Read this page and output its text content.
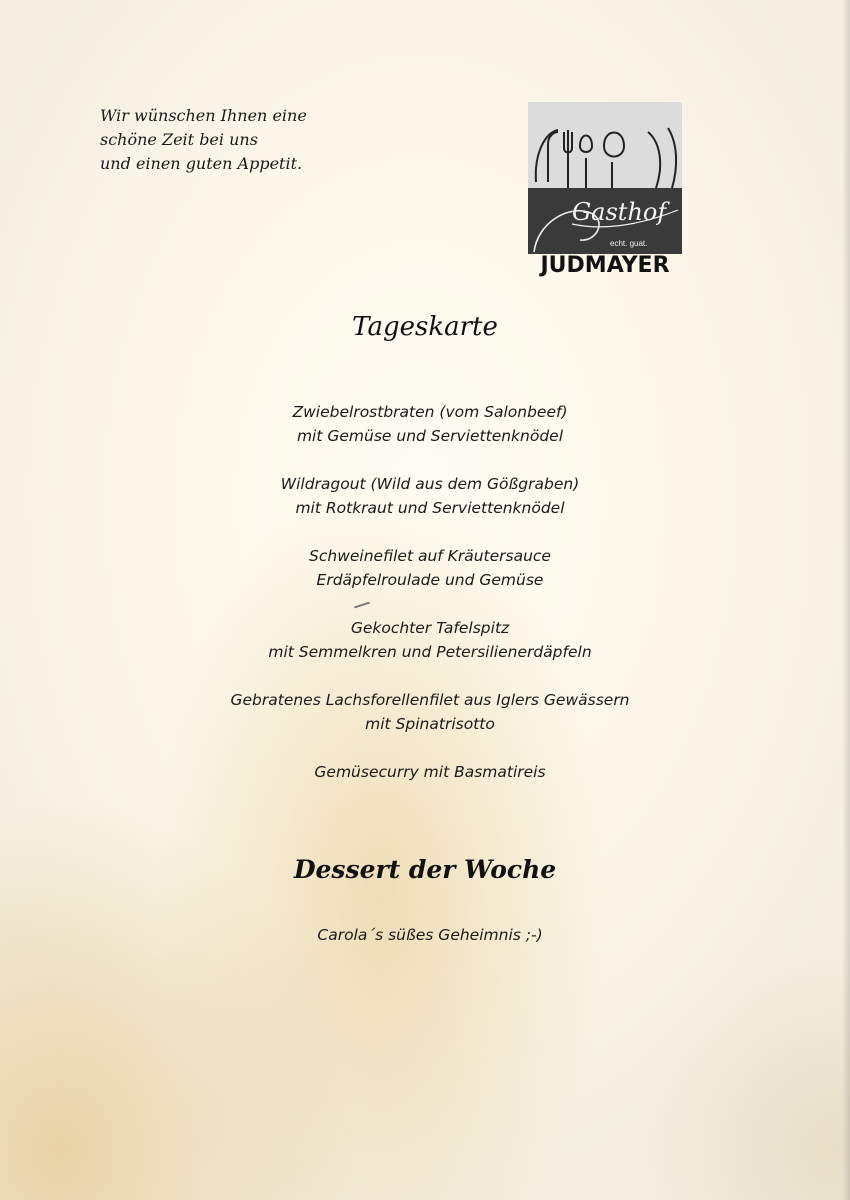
Wir wünschen Ihnen eine
schöne Zeit bei uns
und einen guten Appetit.
Gasthof
echt. guat.
JUDMAYER
Tageskarte
Zwiebelrostbraten (vom Salonbeef)
mit Gemüse und Serviettenknödel
Wildragout (Wild aus dem Gößgraben)
mit Rotkraut und Serviettenknödel
Schweinefilet auf Kräutersauce
Erdäpfelroulade und Gemüse
Gekochter Tafelspitz
mit Semmelkren und Petersilienerdäpfeln
Gebratenes Lachsforellenfilet aus Iglers Gewässern
mit Spinatrisotto
Gemüsecurry mit Basmatireis
Dessert der Woche
Carola´s süßes Geheimnis ;-)
